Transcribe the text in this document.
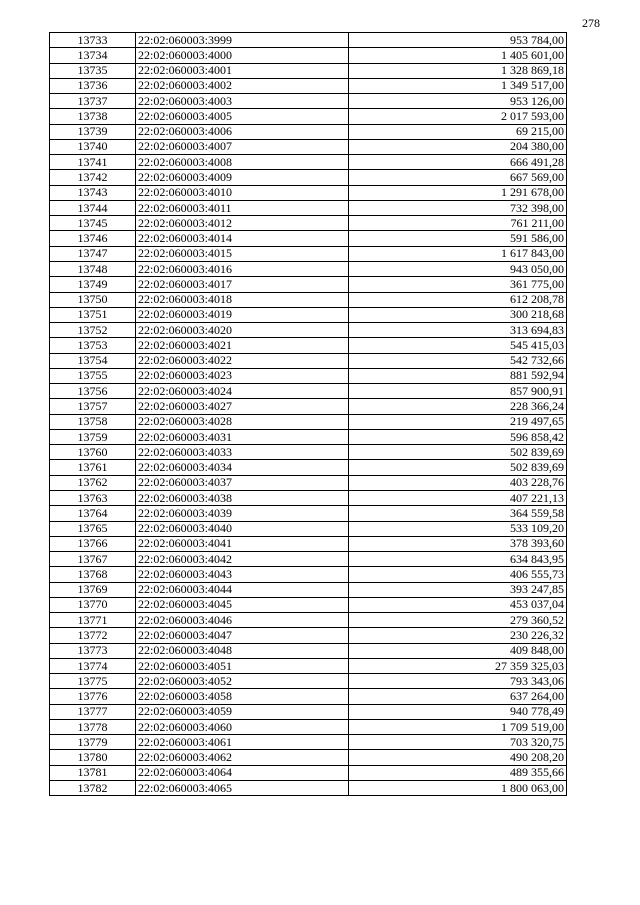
278
13733	22:02:060003:3999	953 784,00
13734	22:02:060003:4000	1 405 601,00
13735	22:02:060003:4001	1 328 869,18
13736	22:02:060003:4002	1 349 517,00
13737	22:02:060003:4003	953 126,00
13738	22:02:060003:4005	2 017 593,00
13739	22:02:060003:4006	69 215,00
13740	22:02:060003:4007	204 380,00
13741	22:02:060003:4008	666 491,28
13742	22:02:060003:4009	667 569,00
13743	22:02:060003:4010	1 291 678,00
13744	22:02:060003:4011	732 398,00
13745	22:02:060003:4012	761 211,00
13746	22:02:060003:4014	591 586,00
13747	22:02:060003:4015	1 617 843,00
13748	22:02:060003:4016	943 050,00
13749	22:02:060003:4017	361 775,00
13750	22:02:060003:4018	612 208,78
13751	22:02:060003:4019	300 218,68
13752	22:02:060003:4020	313 694,83
13753	22:02:060003:4021	545 415,03
13754	22:02:060003:4022	542 732,66
13755	22:02:060003:4023	881 592,94
13756	22:02:060003:4024	857 900,91
13757	22:02:060003:4027	228 366,24
13758	22:02:060003:4028	219 497,65
13759	22:02:060003:4031	596 858,42
13760	22:02:060003:4033	502 839,69
13761	22:02:060003:4034	502 839,69
13762	22:02:060003:4037	403 228,76
13763	22:02:060003:4038	407 221,13
13764	22:02:060003:4039	364 559,58
13765	22:02:060003:4040	533 109,20
13766	22:02:060003:4041	378 393,60
13767	22:02:060003:4042	634 843,95
13768	22:02:060003:4043	406 555,73
13769	22:02:060003:4044	393 247,85
13770	22:02:060003:4045	453 037,04
13771	22:02:060003:4046	279 360,52
13772	22:02:060003:4047	230 226,32
13773	22:02:060003:4048	409 848,00
13774	22:02:060003:4051	27 359 325,03
13775	22:02:060003:4052	793 343,06
13776	22:02:060003:4058	637 264,00
13777	22:02:060003:4059	940 778,49
13778	22:02:060003:4060	1 709 519,00
13779	22:02:060003:4061	703 320,75
13780	22:02:060003:4062	490 208,20
13781	22:02:060003:4064	489 355,66
13782	22:02:060003:4065	1 800 063,00
